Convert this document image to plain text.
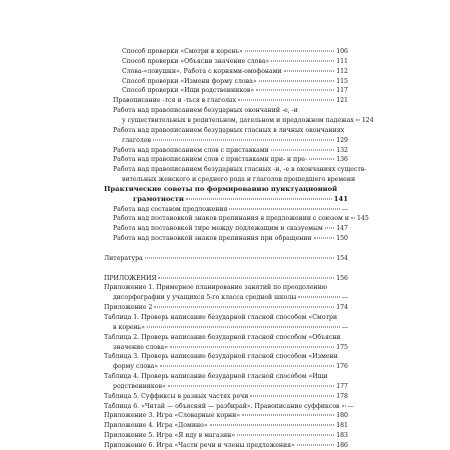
Способ проверки «Смотри в корень»	106
Способ проверки «Объясни значение слова»	111
Слова-«ловушки». Работа с корнями-омофонами	112
Способ проверки «Измени форму слова»	115
Способ проверки «Ищи родственников»	117
Правописание -тся и -ться в глаголах	121
Работа над правописанием безударных окончаний -е, -и
у существительных в родительном, дательном и предложном падежах 124
Работа над правописанием безударных гласных в личных окончаниях
глаголов	129
Работа над правописанием слов с приставками	132
Работа над правописанием слов с приставками при- и пре-	136
Работа над правописанием безударных гласных -и, -е в окончаниях существ-
вительных женского и среднего рода и глаголов прошедшего времени
Практические советы по формированию пунктуационной
грамотности	141
Работа над составом предложения	—
Работа над постановкой знаков препинания в предложении с союзом и 145
Работа над постановкой тире между подлежащим и сказуемым 147
Работа над постановкой знаков препинания при обращении	150
Литература	154
ПРИЛОЖЕНИЯ	156
Приложение 1. Примерное планирование занятий по преодолению
дисорфографии у учащихся 5-го класса средней школы	—
Приложение 2	174
Таблица 1. Проверь написание безударной гласной способом «Смотри
в корень»	—
Таблица 2. Проверь написание безударной гласной способом «Объясни
значение слова»	175
Таблица 3. Проверь написание безударной гласной способом «Измени
форму слова»	176
Таблица 4. Проверь написание безударной гласной способом «Ищи
родственников»	177
Таблица 5. Суффиксы в разных частях речи	178
Таблица 6. «Читай — объясняй — разбирай». Правописание суффиксов —
Приложение 3. Игра «Словарные корни»	180
Приложение 4. Игра «Домино»	181
Приложение 5. Игра «Я иду в магазин»	183
Приложение 6. Игра «Части речи и члены предложения»	186
